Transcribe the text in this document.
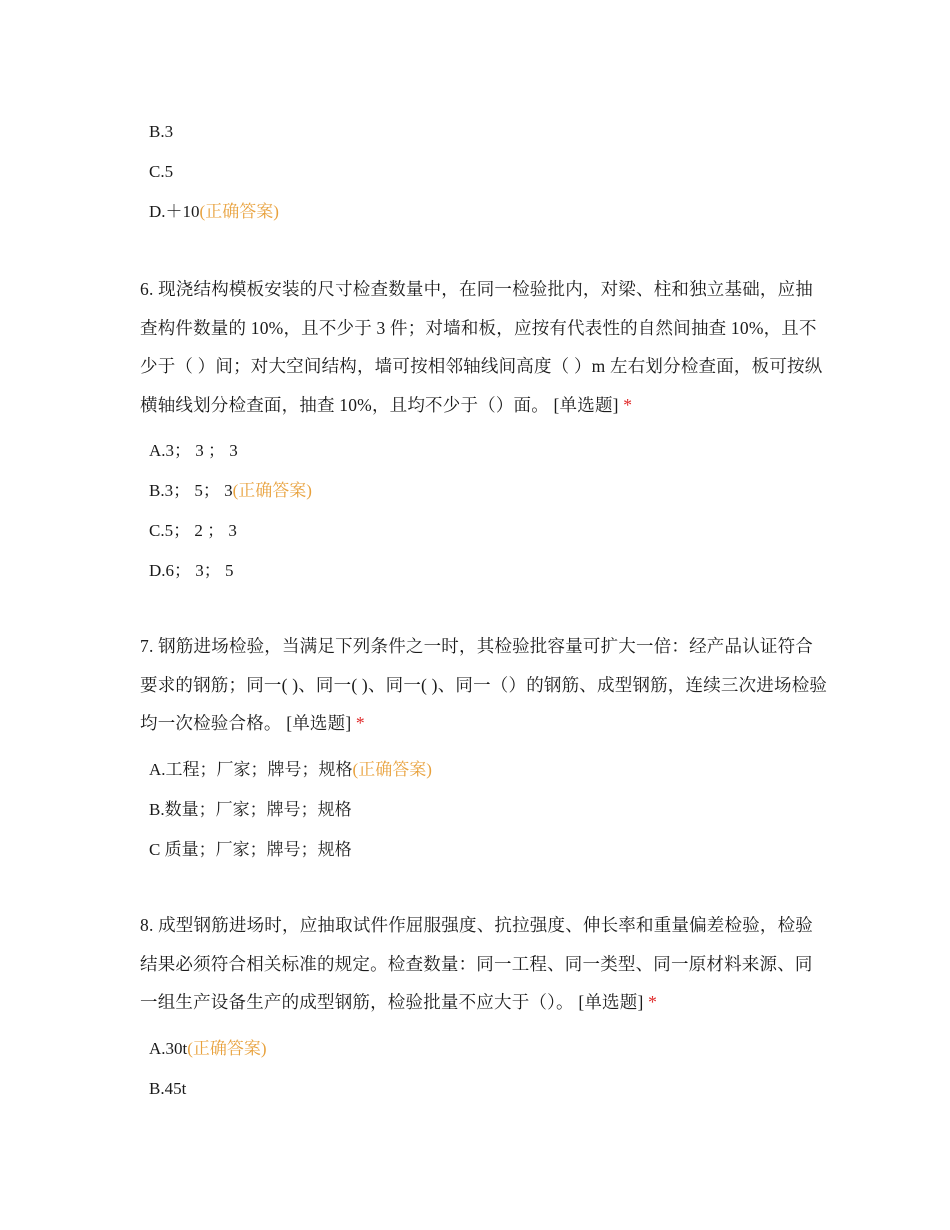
B.3
C.5
D.＋10(正确答案)
6. 现浇结构模板安装的尺寸检查数量中，在同一检验批内，对梁、柱和独立基础，应抽查构件数量的 10%，且不少于 3 件；对墙和板，应按有代表性的自然间抽查 10%，且不少于（ ）间；对大空间结构，墙可按相邻轴线间高度（ ）m 左右划分检查面，板可按纵横轴线划分检查面，抽查 10%，且均不少于（）面。 [单选题] *
A.3； 3 ； 3
B.3； 5； 3(正确答案)
C.5； 2 ； 3
D.6； 3； 5
7. 钢筋进场检验，当满足下列条件之一时，其检验批容量可扩大一倍：经产品认证符合要求的钢筋；同一( )、同一( )、同一( )、同一（）的钢筋、成型钢筋，连续三次进场检验均一次检验合格。 [单选题] *
A.工程；厂家；牌号；规格(正确答案)
B.数量；厂家；牌号；规格
C 质量；厂家；牌号；规格
8. 成型钢筋进场时，应抽取试件作屈服强度、抗拉强度、伸长率和重量偏差检验，检验结果必须符合相关标准的规定。检查数量：同一工程、同一类型、同一原材料来源、同一组生产设备生产的成型钢筋，检验批量不应大于（）。 [单选题] *
A.30t(正确答案)
B.45t
